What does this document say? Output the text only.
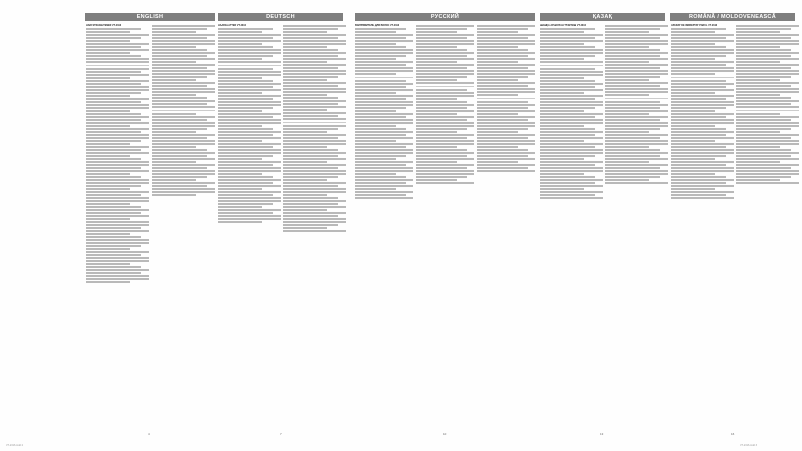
ENGLISH	DEUTSCH	РУССКИЙ	ҚАЗАҚ	ROMÂNĂ / MOLDOVENEASCĂ

HAIR STRAIGHTENER VT-2316	HAARGLÄTTER VT-2316	ВЫПРЯМИТЕЛЬ ДЛЯ ВОЛОС VT-2316	ШАШҚА АРНАЛҒАН ТҮЗЕТКІШ VT-2316	APARAT DE ÎNDREPTAT PĂRUL VT-2316

4	7	10	13	16
VT-2316.indd 2	VT-2316.indd 3
